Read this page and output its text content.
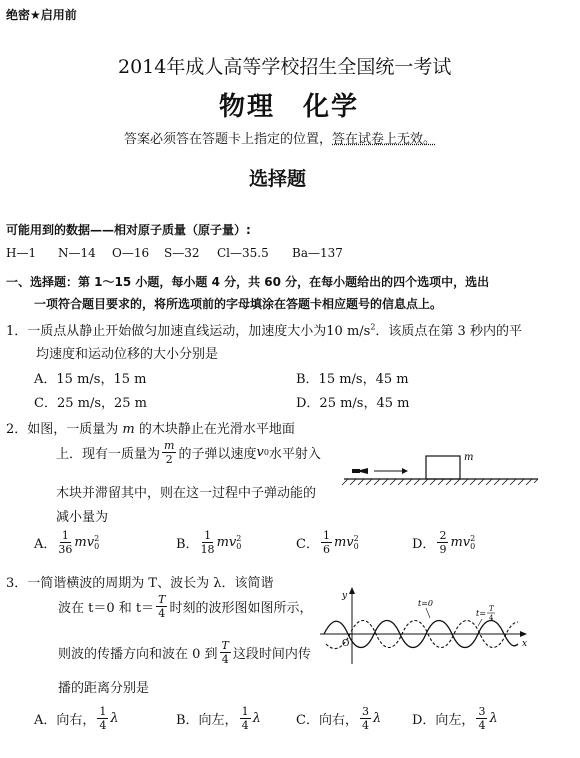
绝密★启用前
2014年成人高等学校招生全国统一考试
物理　化学
答案必须答在答题卡上指定的位置，答在试卷上无效。
选择题
可能用到的数据——相对原子质量（原子量）:
H—1 N—14 O—16 S—32 Cl—35.5 Ba—137
一、选择题：第 1～15 小题，每小题 4 分，共 60 分，在每小题给出的四个选项中，选出
一项符合题目要求的，将所选项前的字母填涂在答题卡相应题号的信息点上。
1．一质点从静止开始做匀加速直线运动，加速度大小为10 $m/s^2$．该质点在第 3 秒内的平
均速度和运动位移的大小分别是
A．15 m/s，15 m	B．15 m/s，45 m
C．25 m/s，25 m	D．25 m/s，45 m
2．如图，一质量为 m 的木块静止在光滑水平地面
上．现有一质量为 $\frac{m}{2}$ 的子弹以速度 v 0 水平射入
木块并滞留其中，则在这一过程中子弹动能的
减小量为
m
A． $\frac{1}{36}$ mv 2
0	B． $\frac{1}{18}$ mv 2
0	C． $\frac{1}{6}$ mv 2
0	D． $\frac{2}{9}$ mv 2
0
3．一简谐横波的周期为 T、波长为 λ．该简谐
波在 t＝0 和 $t= \frac{T}{4}$ 时刻的波形图如图所示，
则波的传播方向和波在 0 到 $\frac{T}{4}$ 这段时间内传
播的距离分别是
y
x
O
t=0
t= T
4
A．向右， $\frac{1}{4}$ λ	B．向左， $\frac{1}{4}$ λ	C．向右， $\frac{3}{4}$ λ D．向左， $\frac{3}{4}$ λ
